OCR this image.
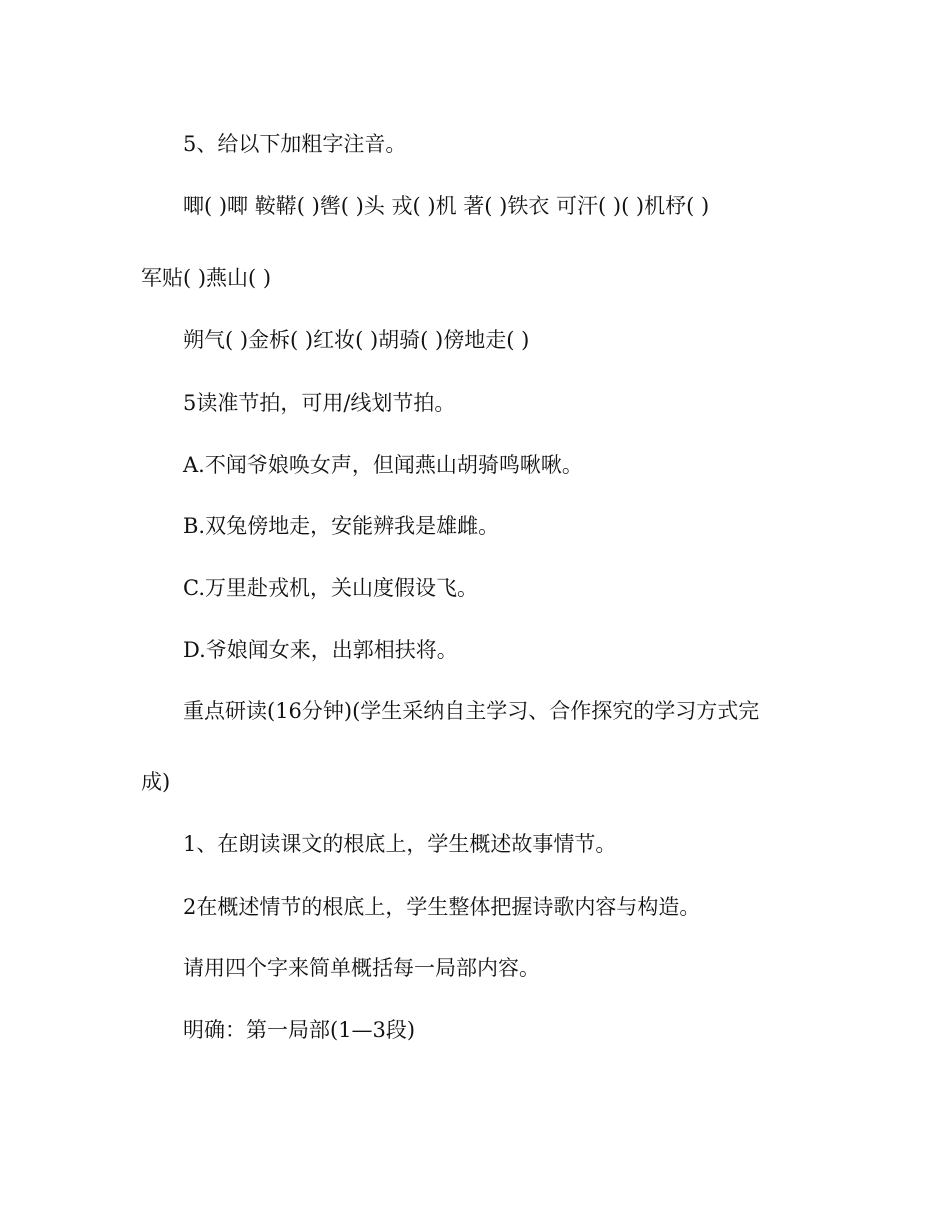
5、给以下加粗字注音。

唧( )唧 鞍鞯( )辔( )头 戎( )机 著( )铁衣 可汗( )( )机杼( )

军贴( )燕山( )

朔气( )金柝( )红妆( )胡骑( )傍地走( )

5读准节拍，可用/线划节拍。

A.不闻爷娘唤女声，但闻燕山胡骑鸣啾啾。

B.双兔傍地走，安能辨我是雄雌。

C.万里赴戎机，关山度假设飞。

D.爷娘闻女来，出郭相扶将。

重点研读(16分钟)(学生采纳自主学习、合作探究的学习方式完

成)

1、在朗读课文的根底上，学生概述故事情节。

2在概述情节的根底上，学生整体把握诗歌内容与构造。

请用四个字来简单概括每一局部内容。

明确：第一局部(1—3段)
